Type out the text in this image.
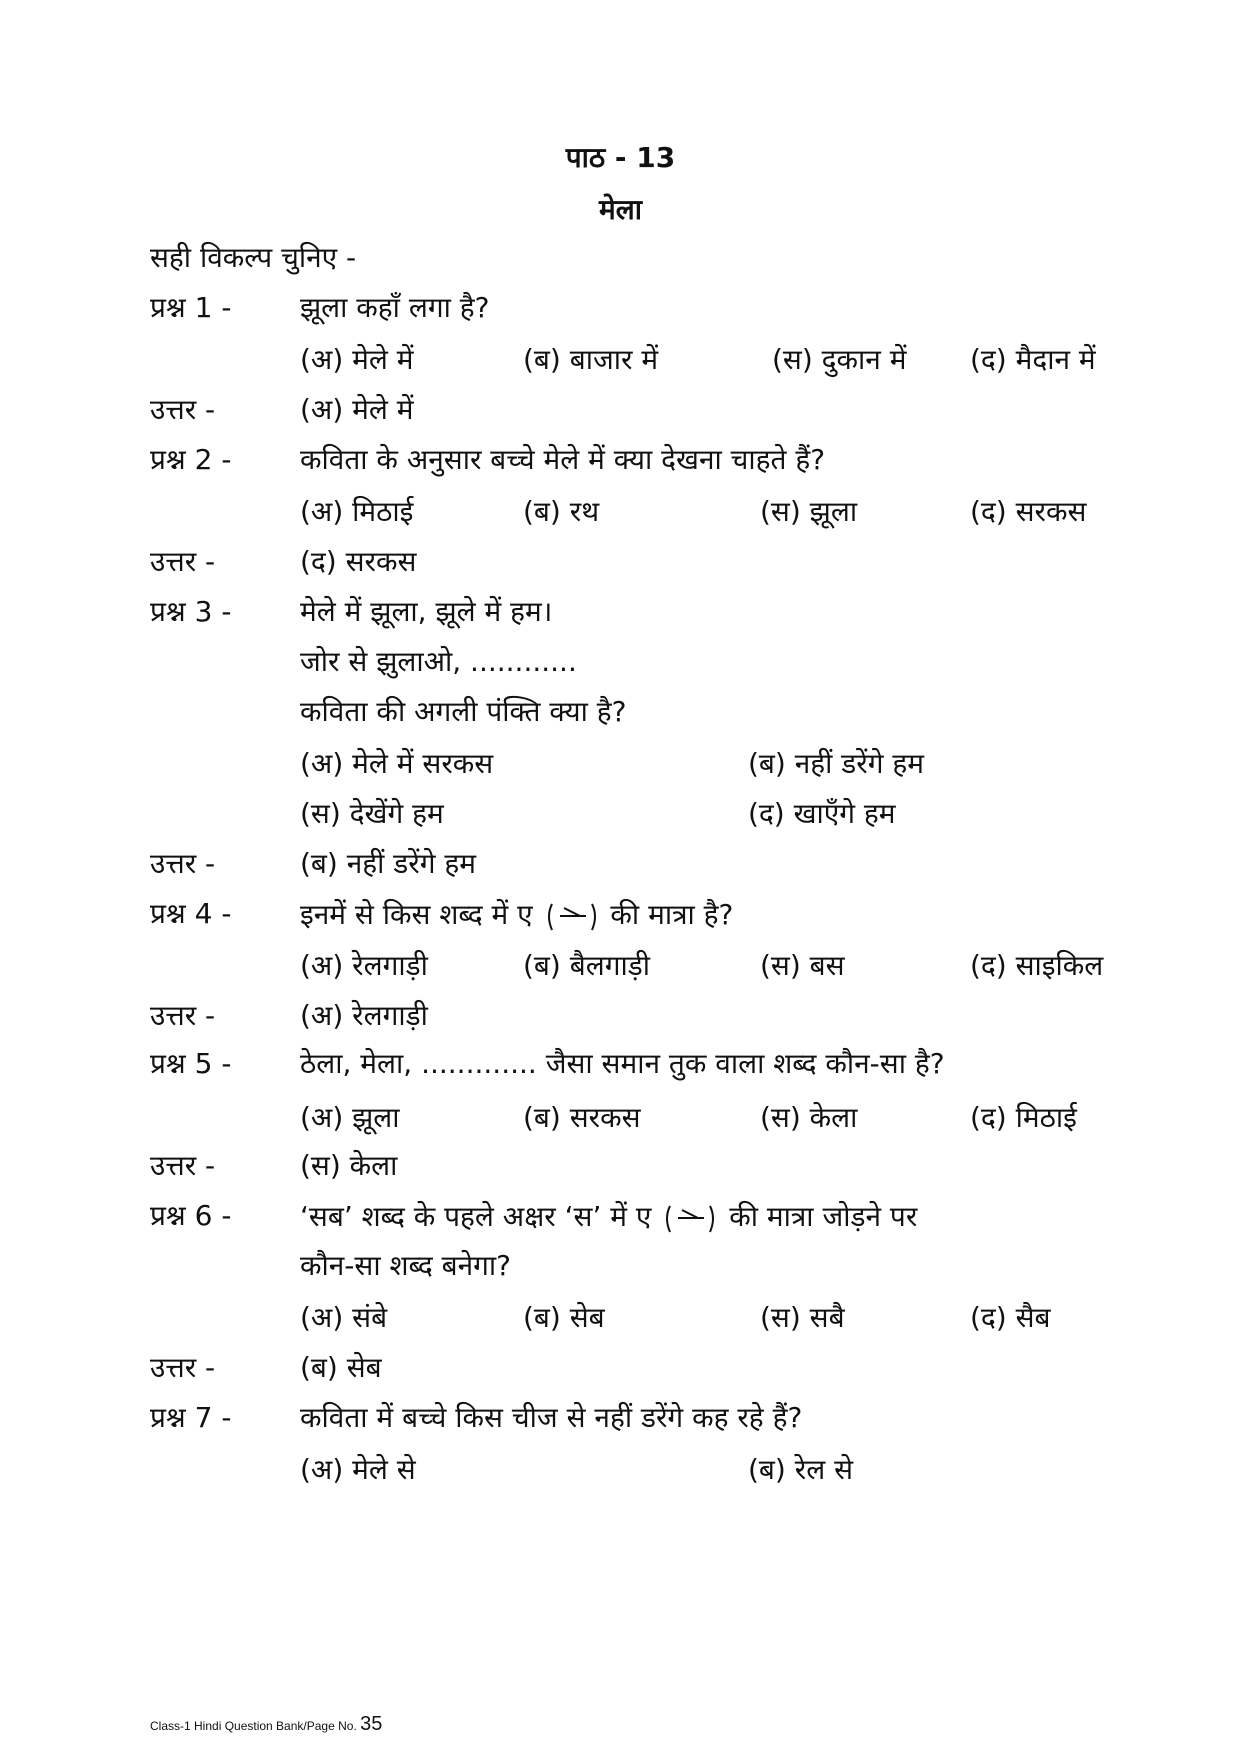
पाठ - 13
मेला
सही विकल्प चुनिए -
प्रश्न 1 - झूला कहाँ लगा है?
(अ) मेले में	(ब) बाजार में	(स) दुकान में (द) मैदान में
उत्तर -	(अ) मेले में
प्रश्न 2 - कविता के अनुसार बच्चे मेले में क्या देखना चाहते हैं?
(अ) मिठाई	(ब) रथ	(स) झूला	(द) सरकस
उत्तर -	(द) सरकस
प्रश्न 3 - मेले में झूला, झूले में हम।
जोर से झुलाओ, ............
कविता की अगली पंक्ति क्या है?
(अ) मेले में सरकस	(ब) नहीं डरेंगे हम
(स) देखेंगे हम	(द) खाएँगे हम
उत्तर -	(ब) नहीं डरेंगे हम
प्रश्न 4 - इनमें से किस शब्द में ए	की मात्रा है?
(अ) रेलगाड़ी	(ब) बैलगाड़ी	(स) बस	(द) साइकिल
उत्तर -	(अ) रेलगाड़ी
प्रश्न 5 - ठेला, मेला, ............. जैसा समान तुक वाला शब्द कौन-सा है?
(अ) झूला	(ब) सरकस	(स) केला	(द) मिठाई
उत्तर -	(स) केला
प्रश्न 6 - ‘सब’ शब्द के पहले अक्षर ‘स’ में ए	की मात्रा जोड़ने पर
कौन-सा शब्द बनेगा?
(अ) संबे	(ब) सेब	(स) सबै	(द) सैब
उत्तर -	(ब) सेब
प्रश्न 7 - कविता में बच्चे किस चीज से नहीं डरेंगे कह रहे हैं?
(अ) मेले से	(ब) रेल से
Class-1 Hindi Question Bank/Page No. 35
